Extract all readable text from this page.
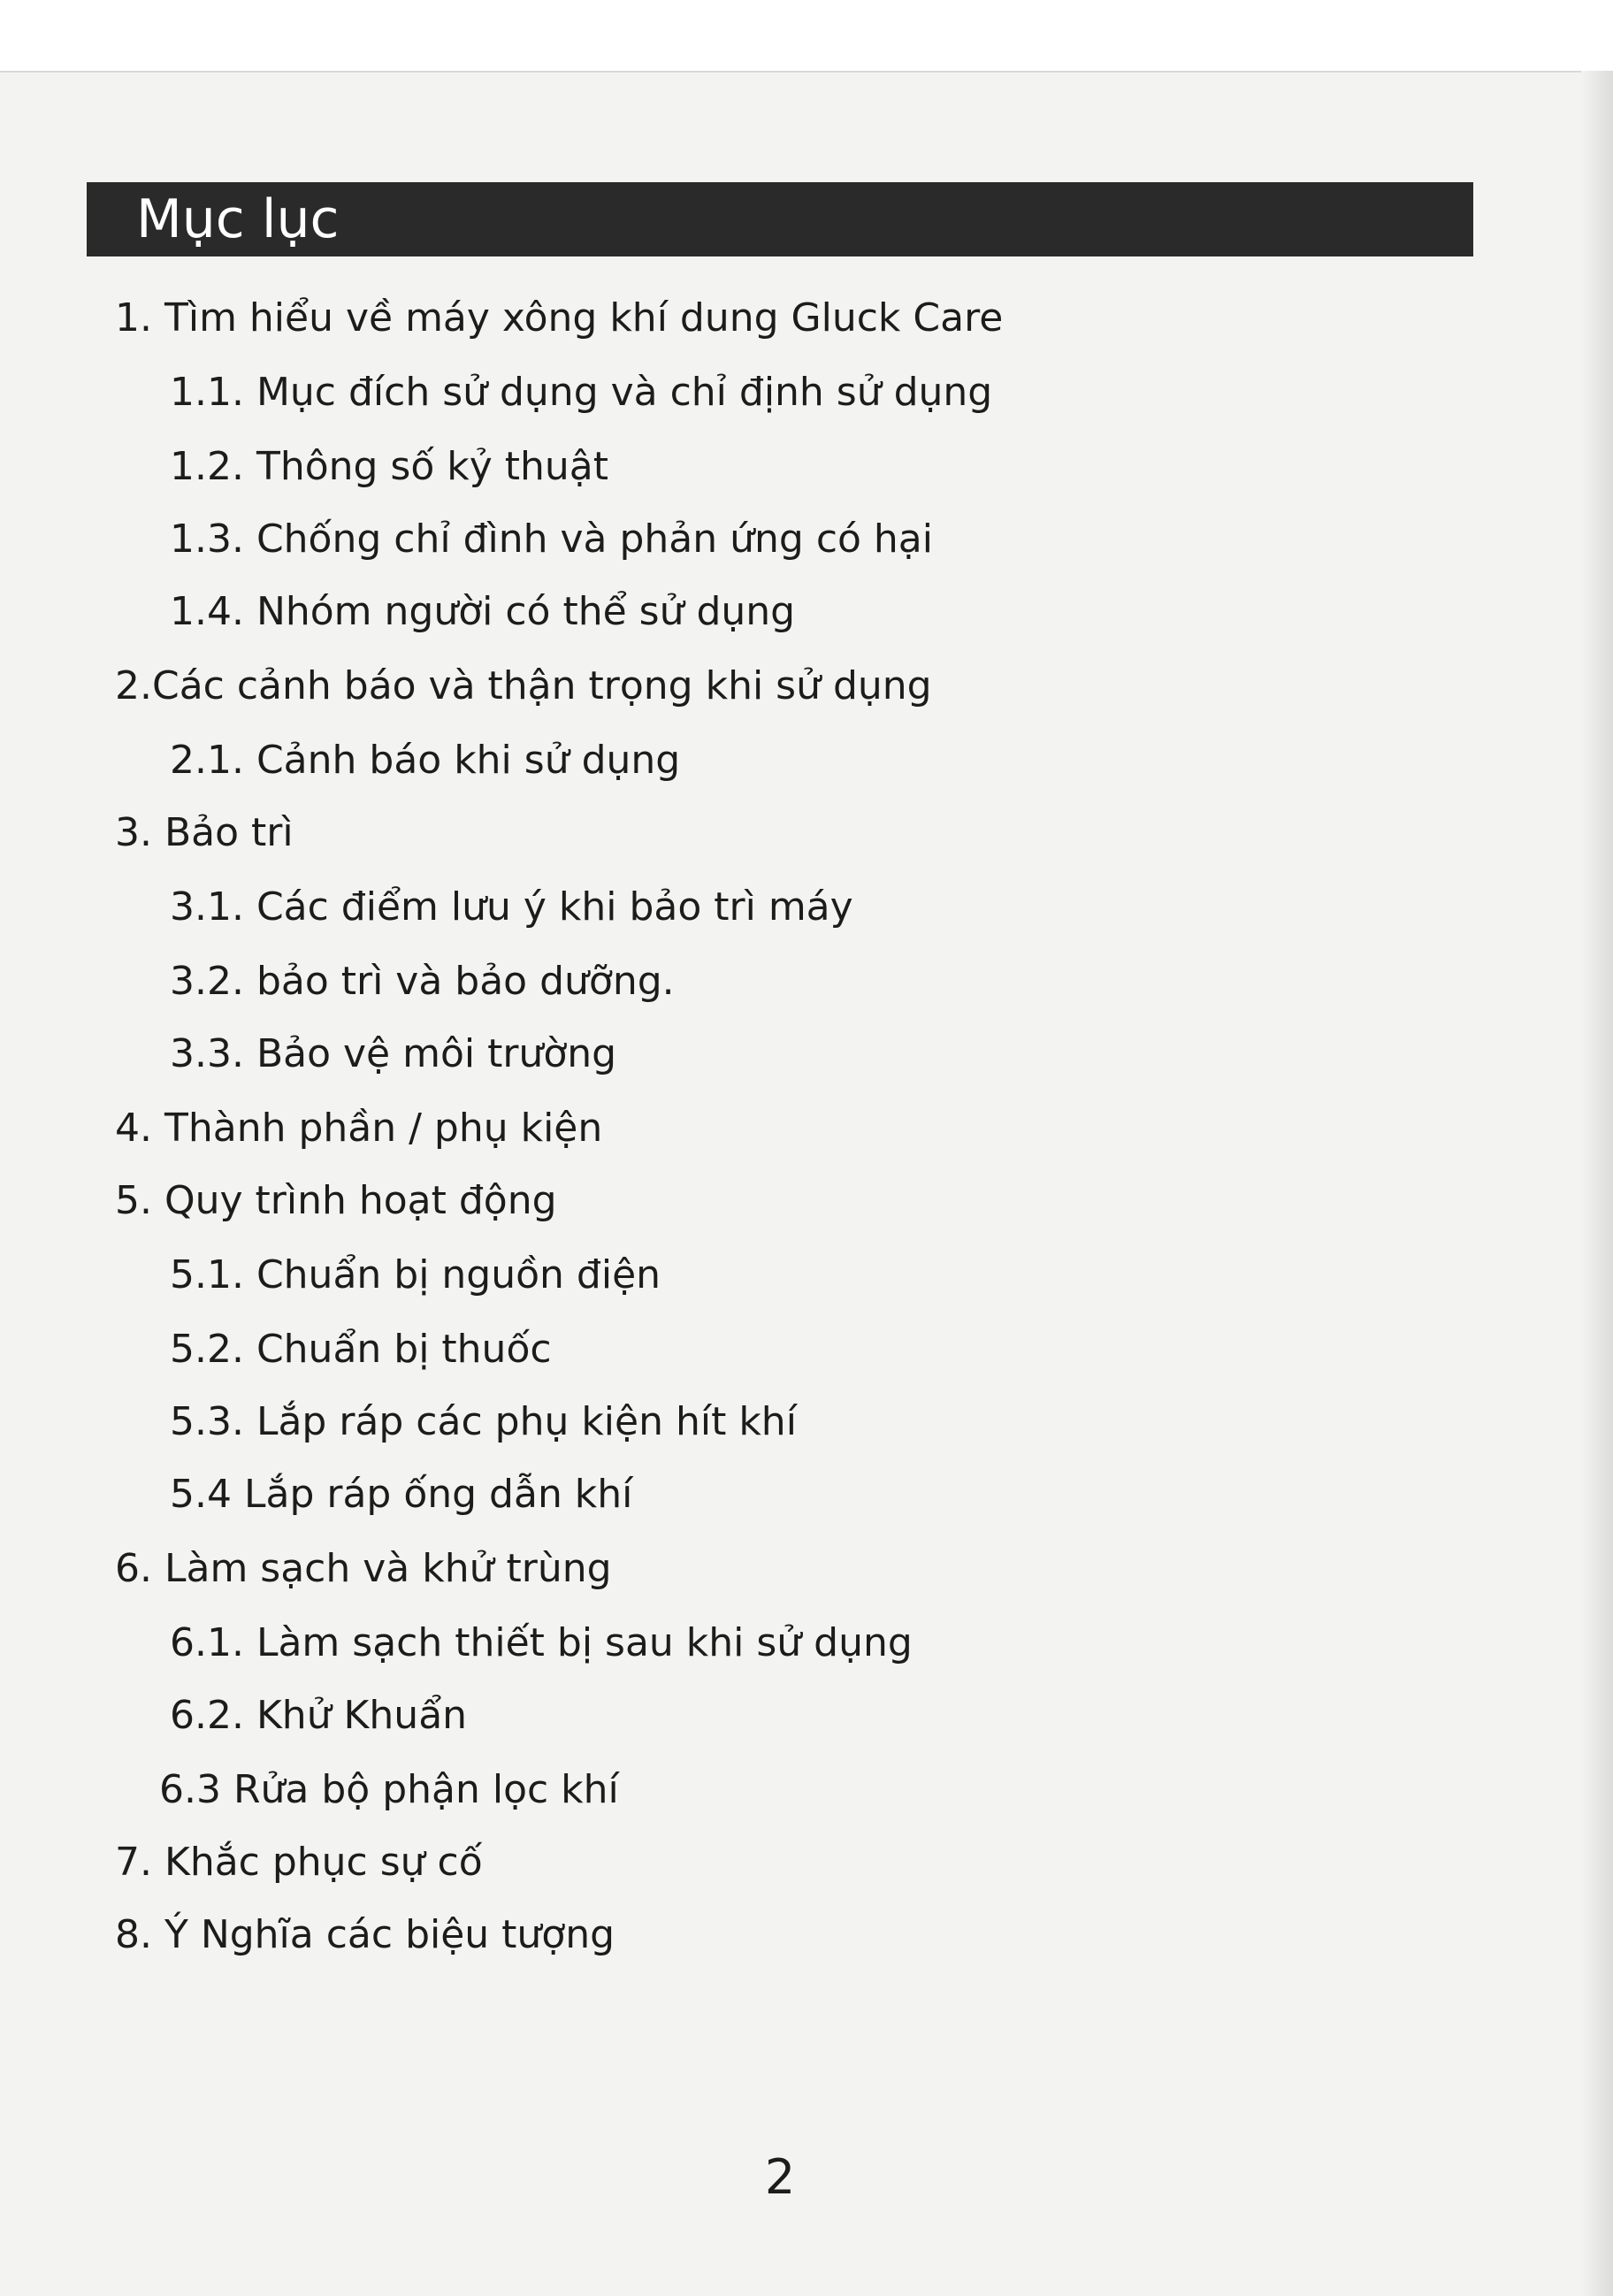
Mục lục
1. Tìm hiểu về máy xông khí dung Gluck Care
1.1. Mục đích sử dụng và chỉ định sử dụng
1.2. Thông số kỷ thuật
1.3. Chống chỉ đình và phản ứng có hại
1.4. Nhóm người có thể sử dụng
2.Các cảnh báo và thận trọng khi sử dụng
2.1. Cảnh báo khi sử dụng
3. Bảo trì
3.1. Các điểm lưu ý khi bảo trì máy
3.2. bảo trì và bảo dưỡng.
3.3. Bảo vệ môi trường
4. Thành phần / phụ kiện
5. Quy trình hoạt động
5.1. Chuẩn bị nguồn điện
5.2. Chuẩn bị thuốc
5.3. Lắp ráp các phụ kiện hít khí
5.4 Lắp ráp ống dẫn khí
6. Làm sạch và khử trùng
6.1. Làm sạch thiết bị sau khi sử dụng
6.2. Khử Khuẩn
6.3 Rửa bộ phận lọc khí
7. Khắc phục sự cố
8. Ý Nghĩa các biệu tượng
2
